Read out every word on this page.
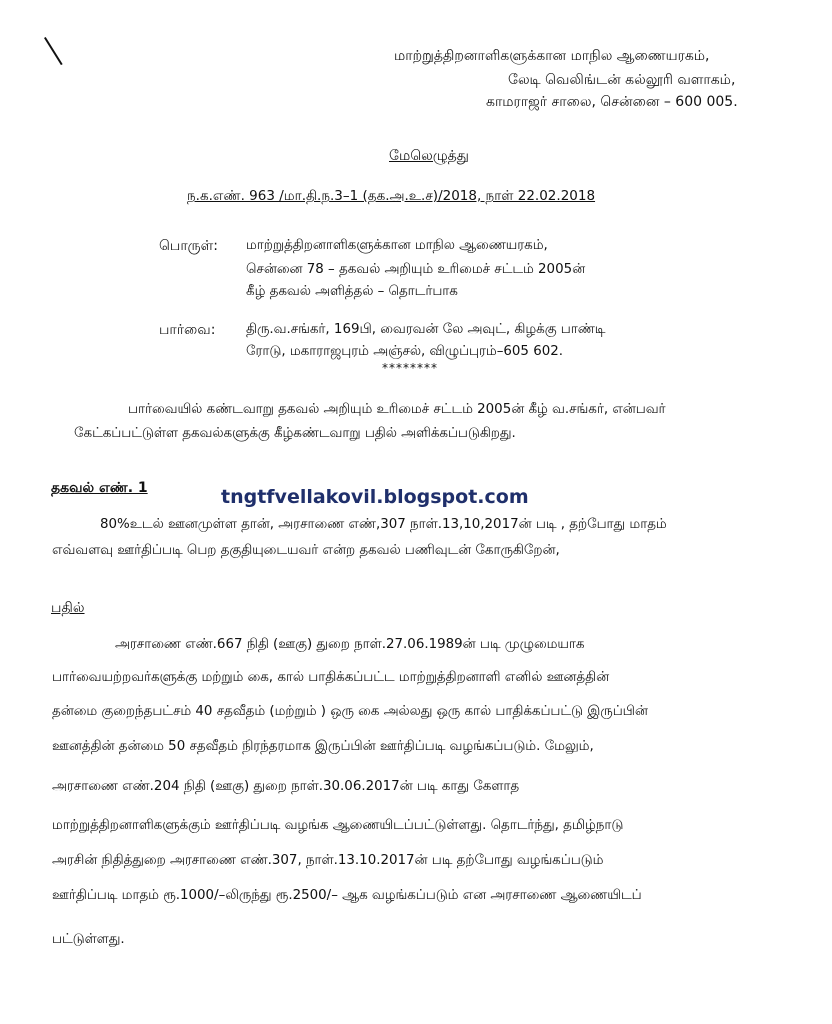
மாற்றுத்திறனாளிகளுக்கான மாநில ஆணையரகம்,
லேடி வெலிங்டன் கல்லூரி வளாகம்,
காமராஜர் சாலை, சென்னை – 600 005.
மேலெழுத்து
ந.க.எண். 963 /மா.தி.ந.3–1 (தக.அ.உ.ச)/2018, நாள் 22.02.2018
பொருள்: மாற்றுத்திறனாளிகளுக்கான மாநில ஆணையரகம்,
சென்னை 78 – தகவல் அறியும் உரிமைச் சட்டம் 2005ன்
கீழ் தகவல் அளித்தல் – தொடர்பாக
பார்வை: திரு.வ.சங்கர், 169பி, வைரவன் லே அவுட், கிழக்கு பாண்டி
ரோடு, மகாராஜபுரம் அஞ்சல், விழுப்புரம்–605 602.
********
பார்வையில் கண்டவாறு தகவல் அறியும் உரிமைச் சட்டம் 2005ன் கீழ் வ.சங்கர், என்பவர்
கேட்கப்பட்டுள்ள தகவல்களுக்கு கீழ்கண்டவாறு பதில் அளிக்கப்படுகிறது.
தகவல் எண். 1	tngtfvellakovil.blogspot.com
80%உடல் ஊனமுள்ள தான், அரசாணை எண்,307 நாள்.13,10,2017ன் படி , தற்போது மாதம்
எவ்வளவு ஊர்திப்படி பெற தகுதியுடையவர் என்ற தகவல் பணிவுடன் கோருகிறேன்,
பதில்
அரசாணை எண்.667 நிதி (ஊகு) துறை நாள்.27.06.1989ன் படி முழுமையாக
பார்வையற்றவர்களுக்கு மற்றும் கை, கால் பாதிக்கப்பட்ட மாற்றுத்திறனாளி எனில் ஊனத்தின்
தன்மை குறைந்தபட்சம் 40 சதவீதம் (மற்றும் ) ஒரு கை அல்லது ஒரு கால் பாதிக்கப்பட்டு இருப்பின்
ஊனத்தின் தன்மை 50 சதவீதம் நிரந்தரமாக இருப்பின் ஊர்திப்படி வழங்கப்படும். மேலும்,
அரசாணை எண்.204 நிதி (ஊகு) துறை நாள்.30.06.2017ன் படி காது கேளாத
மாற்றுத்திறனாளிகளுக்கும் ஊர்திப்படி வழங்க ஆணையிடப்பட்டுள்ளது. தொடர்ந்து, தமிழ்நாடு
அரசின் நிதித்துறை அரசாணை எண்.307, நாள்.13.10.2017ன் படி தற்போது வழங்கப்படும்
ஊர்திப்படி மாதம் ரூ.1000/–லிருந்து ரூ.2500/– ஆக வழங்கப்படும் என அரசாணை ஆணையிடப்
பட்டுள்ளது.
